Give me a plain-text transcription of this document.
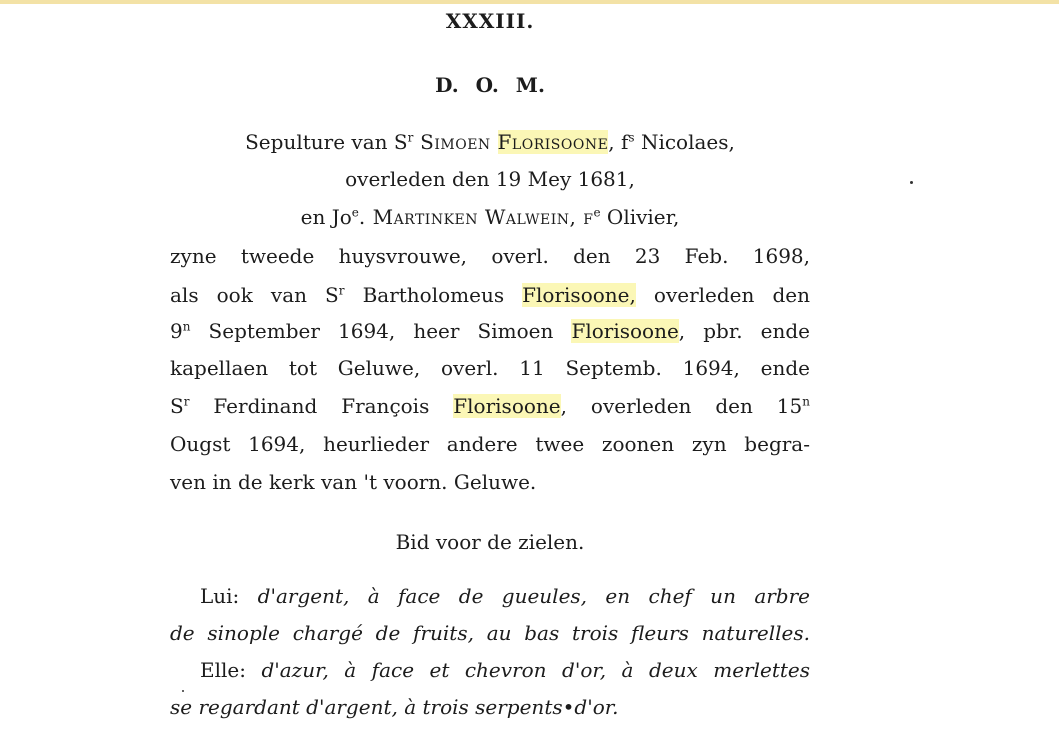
XXXIII.
D. O. M.
Sepulture van $S^r$ Simoen Florisoone, $f^s$ Nicolaes,
overleden den 19 Mey 1681,
en Jo$^e$. Martinken Walwein, $f^e$ Olivier,
zyne tweede huysvrouwe, overl. den 23 Feb. 1698,
als ook van $S^r$ Bartholomeus Florisoone, overleden den
9$^n$ September 1694, heer Simoen Florisoone, pbr. ende
kapellaen tot Geluwe, overl. 11 Septemb. 1694, ende
$S^r$ Ferdinand François Florisoone, overleden den 15$^n$
Ougst 1694, heurlieder andere twee zoonen zyn begra-
ven in de kerk van 't voorn. Geluwe.
Bid voor de zielen.
Lui: d'argent, à face de gueules, en chef un arbre
de sinople chargé de fruits, au bas trois fleurs naturelles.
Elle: d'azur, à face et chevron d'or, à deux merlettes
se regardant d'argent, à trois serpents•d'or.
